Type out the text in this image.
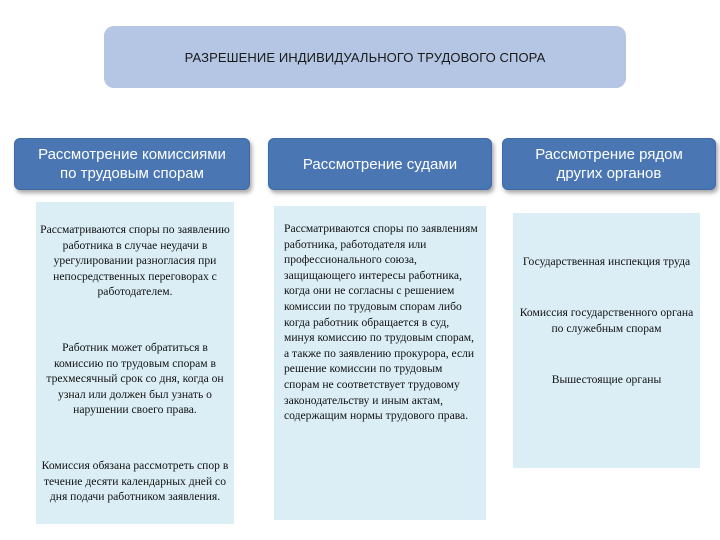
РАЗРЕШЕНИЕ ИНДИВИДУАЛЬНОГО ТРУДОВОГО СПОРА
Рассмотрение комиссиями
по трудовым спорам
Рассмотрение судами
Рассмотрение рядом
других органов
Рассматриваются споры по заявлению работника в случае неудачи в урегулировании разногласия при непосредственных переговорах с работодателем.
Работник может обратиться в комиссию по трудовым спорам в трехмесячный срок со дня, когда он узнал или должен был узнать о нарушении своего права.
Комиссия обязана рассмотреть спор в течение десяти календарных дней со дня подачи работником заявления.
Рассматриваются споры по заявлениям работника, работодателя или профессионального союза, защищающего интересы работника, когда они не согласны с решением комиссии по трудовым спорам либо когда работник обращается в суд, минуя комиссию по трудовым спорам, а также по заявлению прокурора, если решение комиссии по трудовым спорам не соответствует трудовому законодательству и иным актам, содержащим нормы трудового права.
Государственная инспекция труда
Комиссия государственного органа по служебным спорам
Вышестоящие органы
